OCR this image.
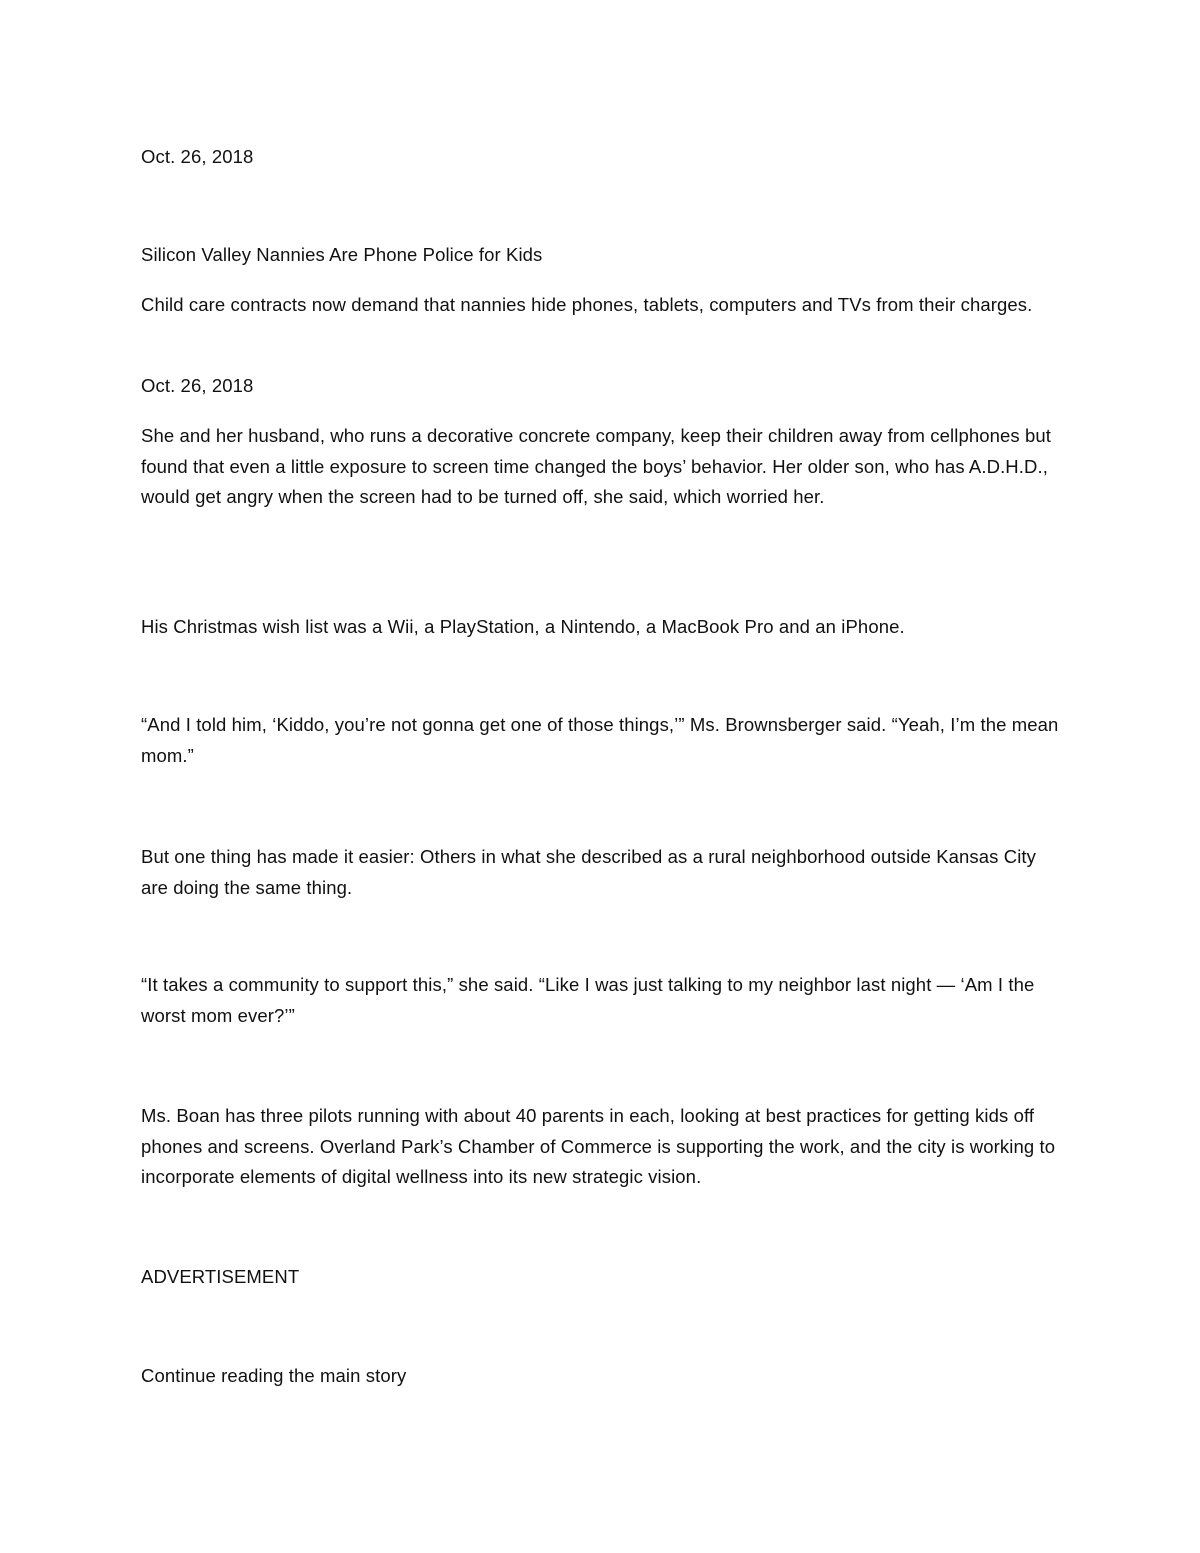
Oct. 26, 2018
Silicon Valley Nannies Are Phone Police for Kids
Child care contracts now demand that nannies hide phones, tablets, computers and TVs from their charges.
Oct. 26, 2018
She and her husband, who runs a decorative concrete company, keep their children away from cellphones but found that even a little exposure to screen time changed the boys’ behavior. Her older son, who has A.D.H.D., would get angry when the screen had to be turned off, she said, which worried her.
His Christmas wish list was a Wii, a PlayStation, a Nintendo, a MacBook Pro and an iPhone.
“And I told him, ‘Kiddo, you’re not gonna get one of those things,’” Ms. Brownsberger said. “Yeah, I’m the mean mom.”
But one thing has made it easier: Others in what she described as a rural neighborhood outside Kansas City are doing the same thing.
“It takes a community to support this,” she said. “Like I was just talking to my neighbor last night — ‘Am I the worst mom ever?’”
Ms. Boan has three pilots running with about 40 parents in each, looking at best practices for getting kids off phones and screens. Overland Park’s Chamber of Commerce is supporting the work, and the city is working to incorporate elements of digital wellness into its new strategic vision.
ADVERTISEMENT
Continue reading the main story
